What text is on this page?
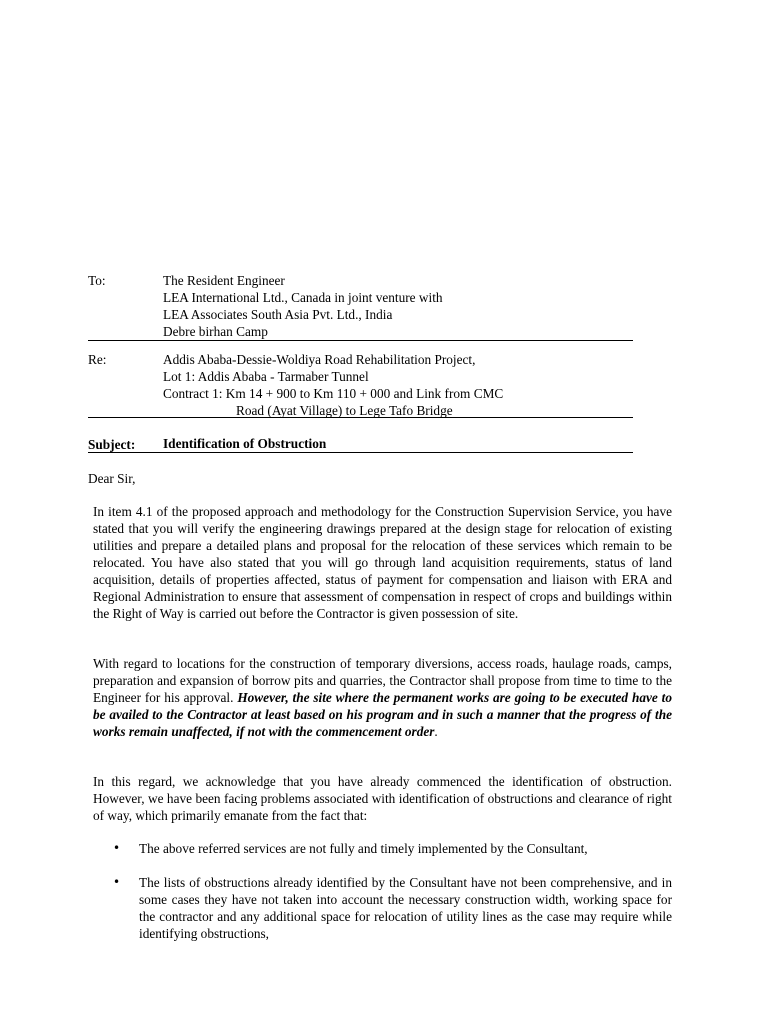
To:	The Resident Engineer
LEA International Ltd., Canada in joint venture with
LEA Associates South Asia Pvt. Ltd., India
Debre birhan Camp
Re:	Addis Ababa-Dessie-Woldiya Road Rehabilitation Project,
Lot 1: Addis Ababa - Tarmaber Tunnel
Contract 1: Km 14 + 900 to Km 110 + 000 and Link from CMC
Road (Ayat Village) to Lege Tafo Bridge
Subject:	Identification of Obstruction
Dear Sir,

In item 4.1 of the proposed approach and methodology for the Construction Supervision Service, you have stated that you will verify the engineering drawings prepared at the design stage for relocation of existing utilities and prepare a detailed plans and proposal for the relocation of these services which remain to be relocated. You have also stated that you will go through land acquisition requirements, status of land acquisition, details of properties affected, status of payment for compensation and liaison with ERA and Regional Administration to ensure that assessment of compensation in respect of crops and buildings within the Right of Way is carried out before the Contractor is given possession of site.

With regard to locations for the construction of temporary diversions, access roads, haulage roads, camps, preparation and expansion of borrow pits and quarries, the Contractor shall propose from time to time to the Engineer for his approval. However, the site where the permanent works are going to be executed have to be availed to the Contractor at least based on his program and in such a manner that the progress of the works remain unaffected, if not with the commencement order.

In this regard, we acknowledge that you have already commenced the identification of obstruction. However, we have been facing problems associated with identification of obstructions and clearance of right of way, which primarily emanate from the fact that:

•	The above referred services are not fully and timely implemented by the Consultant,
•	The lists of obstructions already identified by the Consultant have not been comprehensive, and in some cases they have not taken into account the necessary construction width, working space for the contractor and any additional space for relocation of utility lines as the case may require while identifying obstructions,
